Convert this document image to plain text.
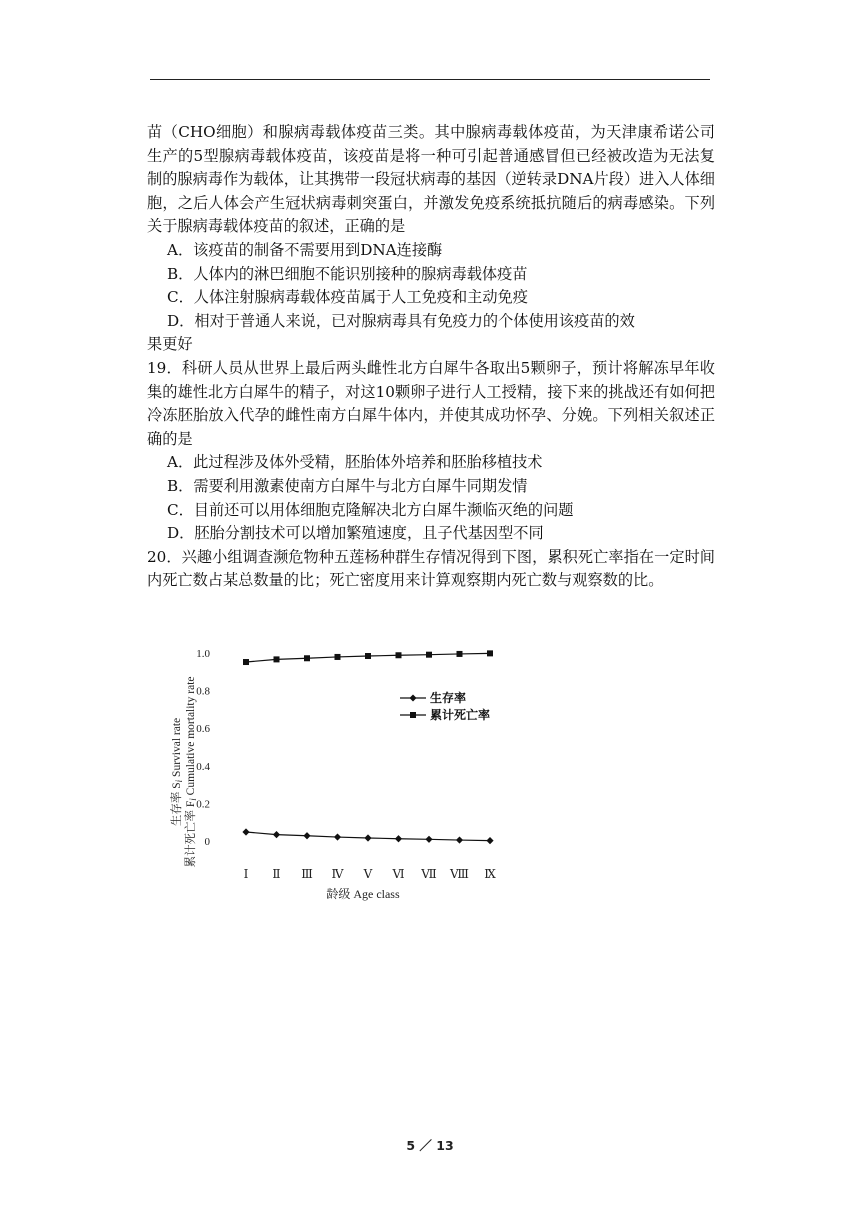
苗（CHO细胞）和腺病毒载体疫苗三类。其中腺病毒载体疫苗，为天津康希诺公司生产的5型腺病毒载体疫苗，该疫苗是将一种可引起普通感冒但已经被改造为无法复制的腺病毒作为载体，让其携带一段冠状病毒的基因（逆转录DNA片段）进入人体细胞，之后人体会产生冠状病毒刺突蛋白，并激发免疫系统抵抗随后的病毒感染。下列关于腺病毒载体疫苗的叙述，正确的是

A．该疫苗的制备不需要用到DNA连接酶

B．人体内的淋巴细胞不能识别接种的腺病毒载体疫苗

C．人体注射腺病毒载体疫苗属于人工免疫和主动免疫

D．相对于普通人来说，已对腺病毒具有免疫力的个体使用该疫苗的效

果更好

19．科研人员从世界上最后两头雌性北方白犀牛各取出5颗卵子，预计将解冻早年收集的雄性北方白犀牛的精子，对这10颗卵子进行人工授精，接下来的挑战还有如何把冷冻胚胎放入代孕的雌性南方白犀牛体内，并使其成功怀孕、分娩。下列相关叙述正确的是

A．此过程涉及体外受精，胚胎体外培养和胚胎移植技术

B．需要利用激素使南方白犀牛与北方白犀牛同期发情

C．目前还可以用体细胞克隆解决北方白犀牛濒临灭绝的问题

D．胚胎分割技术可以增加繁殖速度，且子代基因型不同

20．兴趣小组调查濒危物种五莲杨种群生存情况得到下图，累积死亡率指在一定时间内死亡数占某总数量的比；死亡密度用来计算观察期内死亡数与观察数的比。

生存率 Si Survival rate
累计死亡率 Fi Cumulative mortality rate
0
0.2
0.4
0.6
0.8
1.0
Ⅰ Ⅱ Ⅲ Ⅳ Ⅴ Ⅵ Ⅶ Ⅷ Ⅸ
生存率
累计死亡率
龄级 Age class
5 ／ 13
